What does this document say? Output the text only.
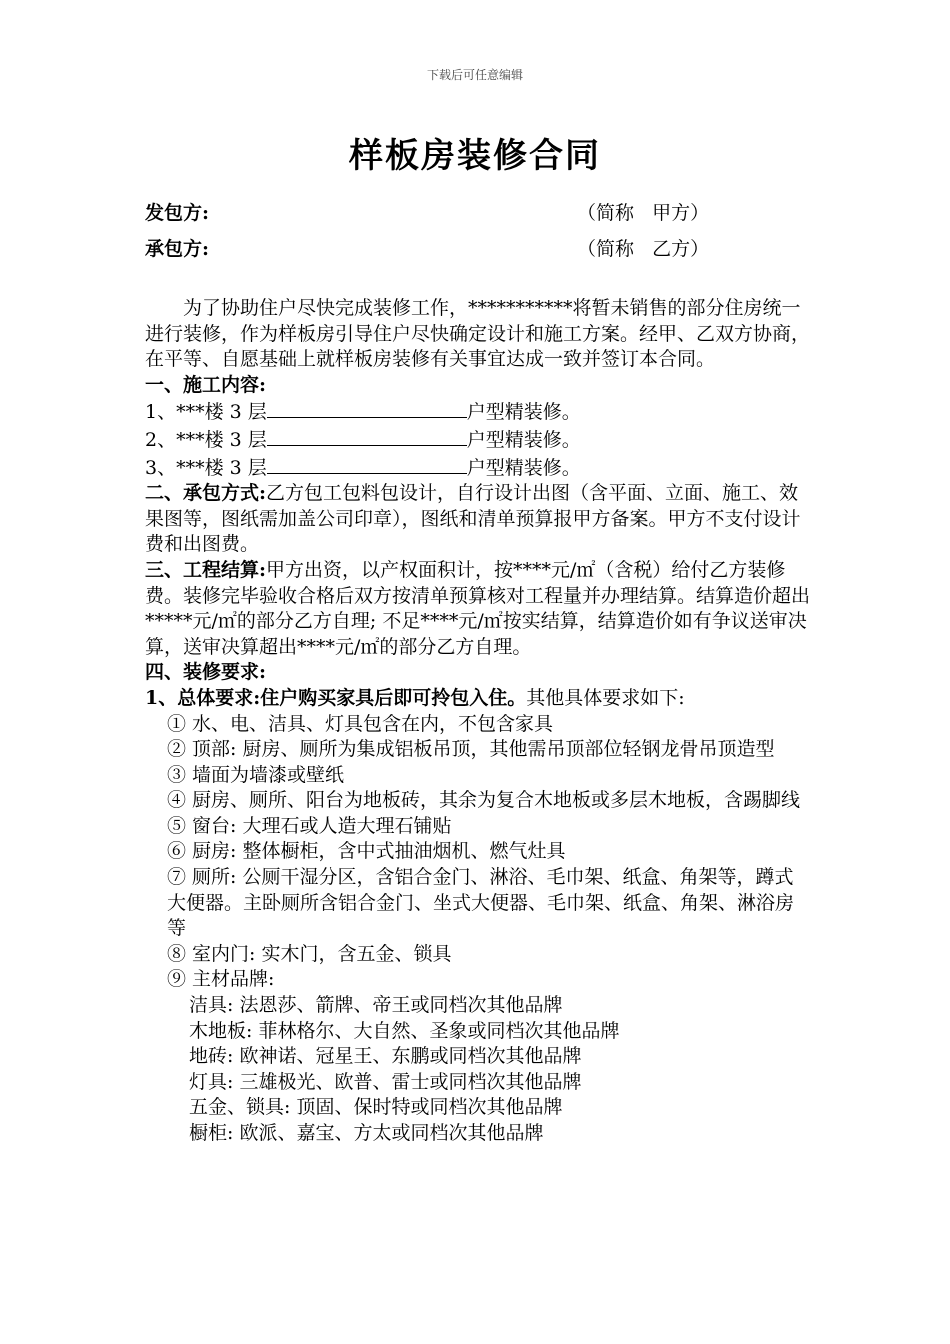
下载后可任意编辑
样板房装修合同
发包方:	（简称   甲方）
承包方:	（简称   乙方）

为了协助住户尽快完成装修工作，***********将暂未销售的部分住房统一进行装修，作为样板房引导住户尽快确定设计和施工方案。经甲、乙双方协商，在平等、自愿基础上就样板房装修有关事宜达成一致并签订本合同。

一、施工内容:

1、***楼 3 层	户型精装修。

2、***楼 3 层	户型精装修。

3、***楼 3 层	户型精装修。

二、承包方式:乙方包工包料包设计，自行设计出图（含平面、立面、施工、效果图等，图纸需加盖公司印章），图纸和清单预算报甲方备案。甲方不支付设计费和出图费。

三、工程结算:甲方出资，以产权面积计，按****元/㎡（含税）给付乙方装修费。装修完毕验收合格后双方按清单预算核对工程量并办理结算。结算造价超出*****元/㎡的部分乙方自理; 不足****元/㎡按实结算，结算造价如有争议送审决算，送审决算超出****元/㎡的部分乙方自理。

四、装修要求:

1、总体要求:住户购买家具后即可拎包入住。其他具体要求如下:

① 水、电、洁具、灯具包含在内，不包含家具

② 顶部: 厨房、厕所为集成铝板吊顶，其他需吊顶部位轻钢龙骨吊顶造型

③ 墙面为墙漆或壁纸

④ 厨房、厕所、阳台为地板砖，其余为复合木地板或多层木地板，含踢脚线

⑤ 窗台: 大理石或人造大理石铺贴

⑥ 厨房: 整体橱柜，含中式抽油烟机、燃气灶具

⑦ 厕所: 公厕干湿分区，含铝合金门、淋浴、毛巾架、纸盒、角架等，蹲式大便器。主卧厕所含铝合金门、坐式大便器、毛巾架、纸盒、角架、淋浴房等

⑧ 室内门: 实木门，含五金、锁具

⑨ 主材品牌:

洁具: 法恩莎、箭牌、帝王或同档次其他品牌

木地板: 菲林格尔、大自然、圣象或同档次其他品牌

地砖: 欧神诺、冠星王、东鹏或同档次其他品牌

灯具: 三雄极光、欧普、雷士或同档次其他品牌

五金、锁具: 顶固、保时特或同档次其他品牌

橱柜: 欧派、嘉宝、方太或同档次其他品牌
